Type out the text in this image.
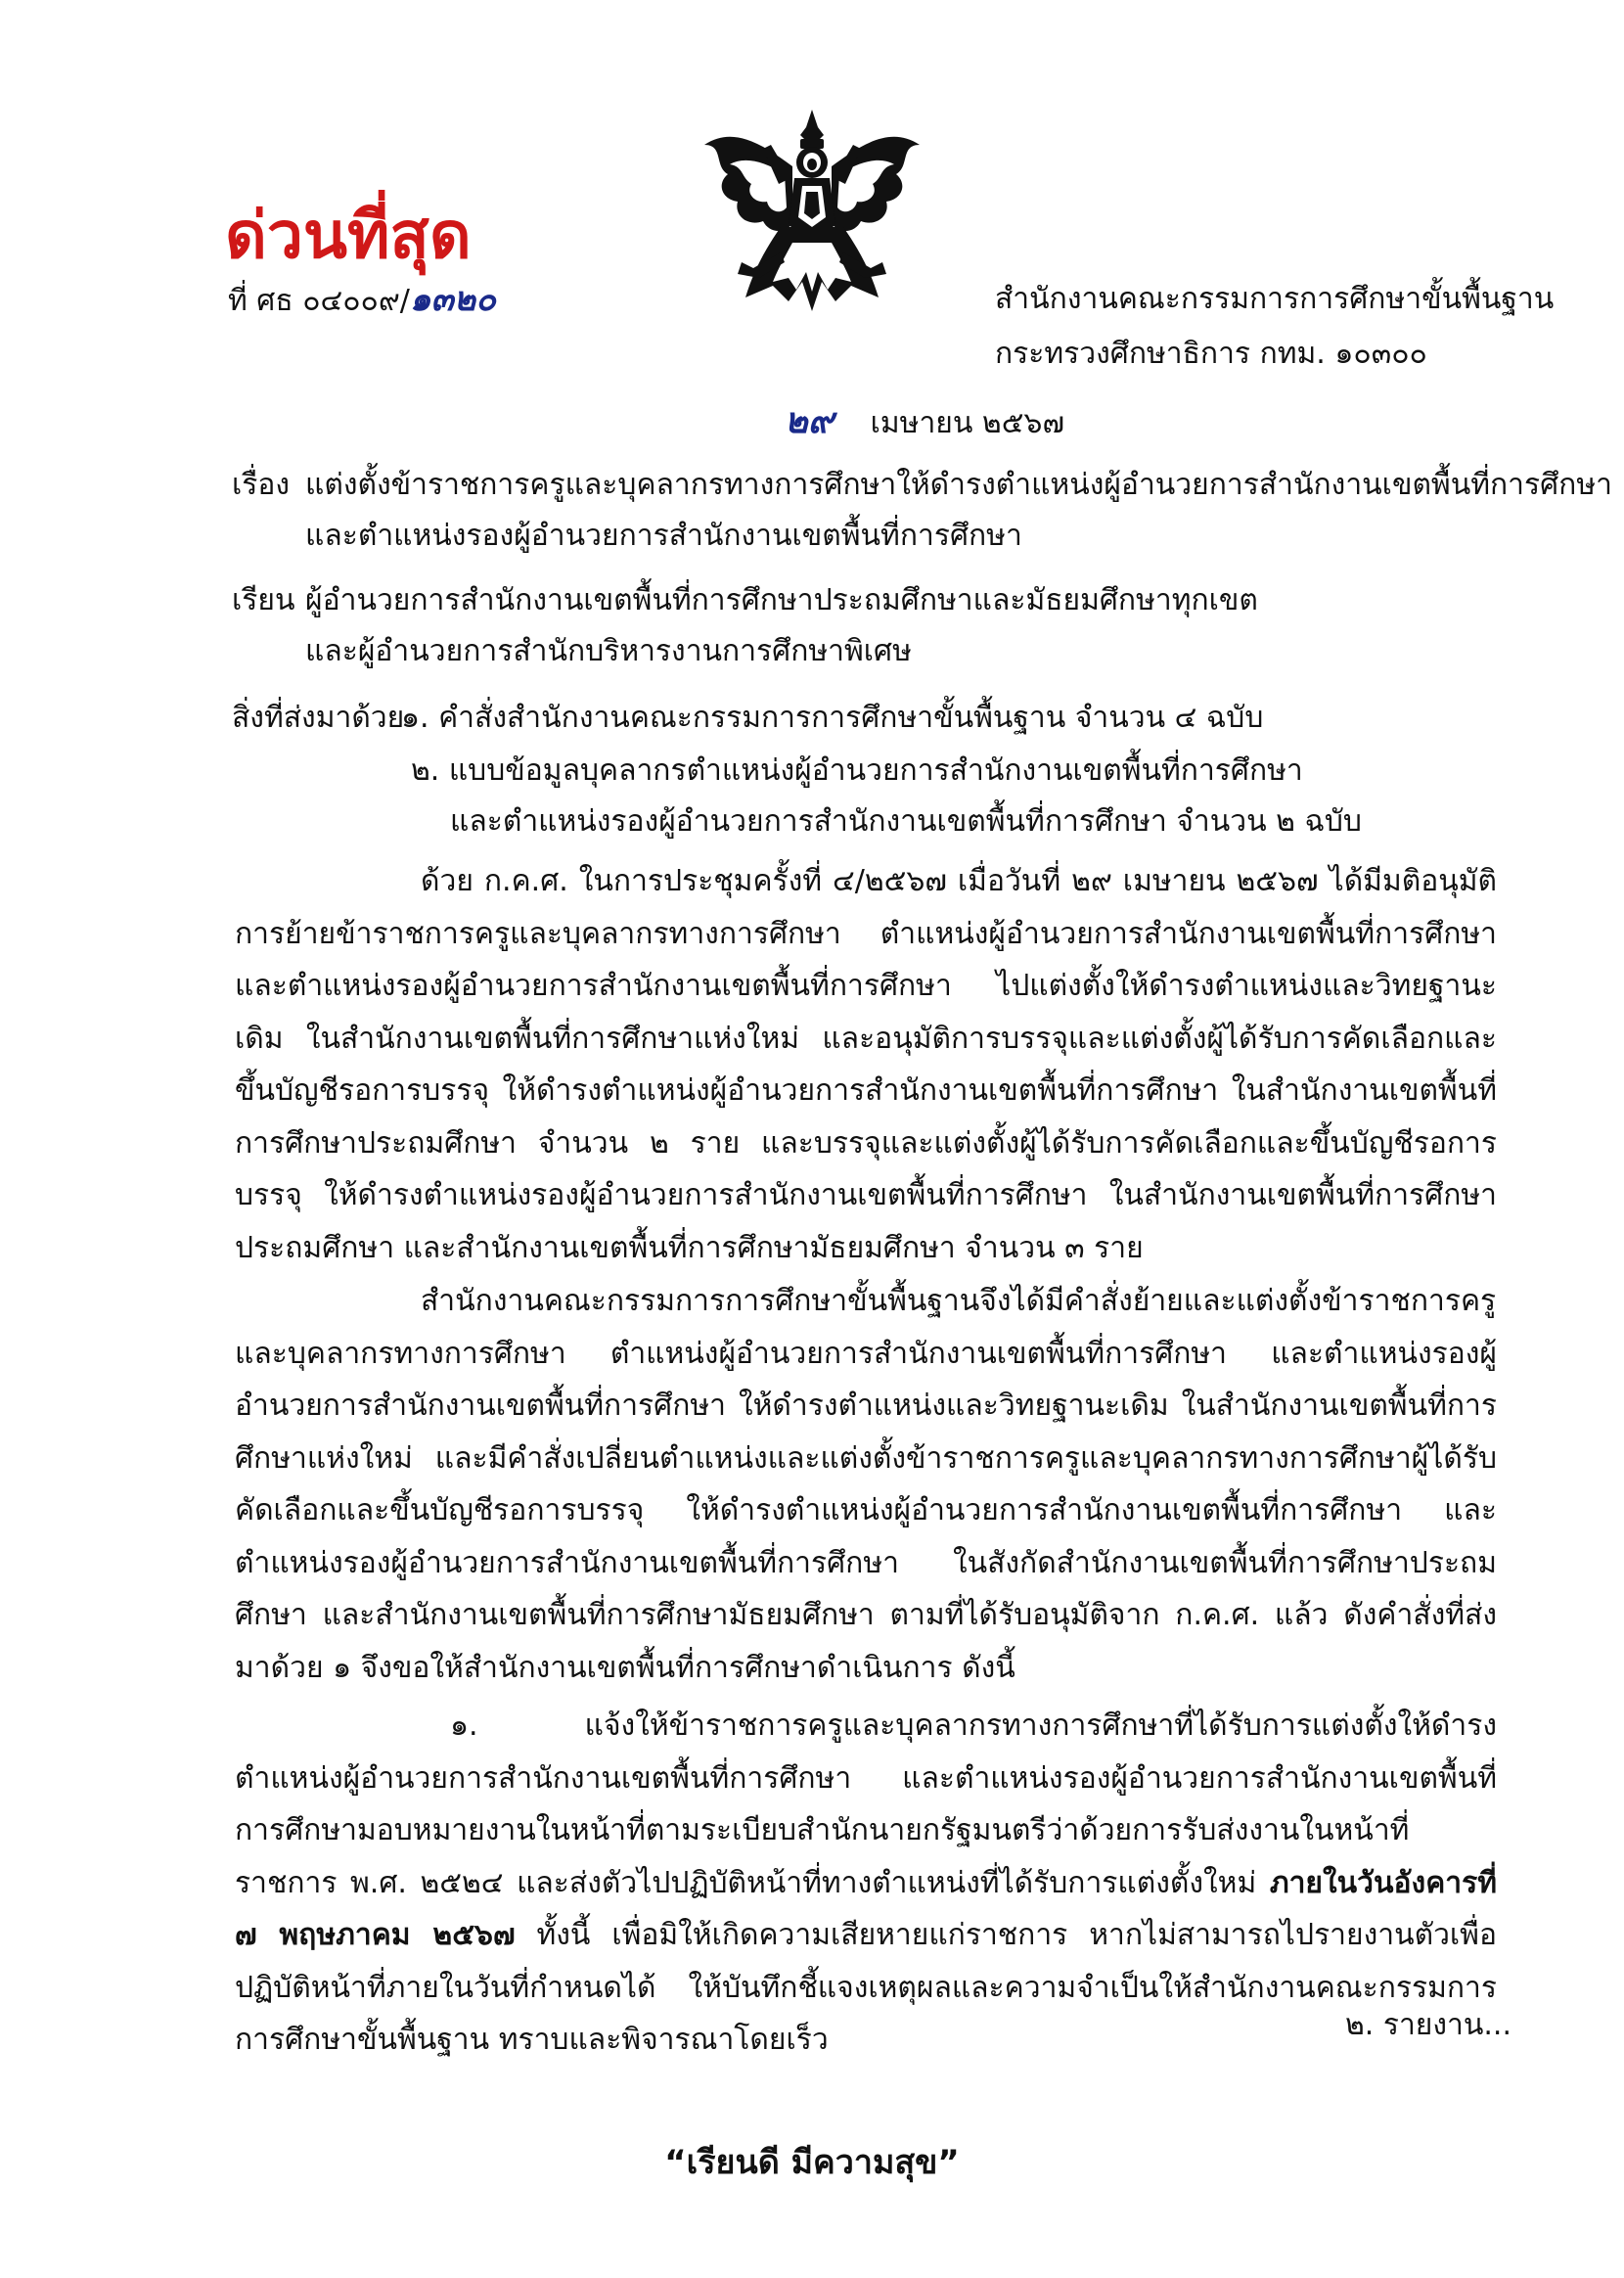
ด่วนที่สุด
ที่ ศธ ๐๔๐๐๙/๑๓๒๐	สำนักงานคณะกรรมการการศึกษาขั้นพื้นฐาน
กระทรวงศึกษาธิการ กทม. ๑๐๓๐๐
๒๙ เมษายน ๒๕๖๗
เรื่อง แต่งตั้งข้าราชการครูและบุคลากรทางการศึกษาให้ดำรงตำแหน่งผู้อำนวยการสำนักงานเขตพื้นที่การศึกษา
และตำแหน่งรองผู้อำนวยการสำนักงานเขตพื้นที่การศึกษา
เรียน ผู้อำนวยการสำนักงานเขตพื้นที่การศึกษาประถมศึกษาและมัธยมศึกษาทุกเขต
และผู้อำนวยการสำนักบริหารงานการศึกษาพิเศษ
สิ่งที่ส่งมาด้วย
๑. คำสั่งสำนักงานคณะกรรมการการศึกษาขั้นพื้นฐาน จำนวน ๔ ฉบับ
๒. แบบข้อมูลบุคลากรตำแหน่งผู้อำนวยการสำนักงานเขตพื้นที่การศึกษา
และตำแหน่งรองผู้อำนวยการสำนักงานเขตพื้นที่การศึกษา จำนวน ๒ ฉบับ
ด้วย ก.ค.ศ. ในการประชุมครั้งที่ ๔/๒๕๖๗ เมื่อวันที่ ๒๙ เมษายน ๒๕๖๗ ได้มีมติอนุมัติการย้ายข้าราชการครูและบุคลากรทางการศึกษา ตำแหน่งผู้อำนวยการสำนักงานเขตพื้นที่การศึกษา และตำแหน่งรองผู้อำนวยการสำนักงานเขตพื้นที่การศึกษา ไปแต่งตั้งให้ดำรงตำแหน่งและวิทยฐานะเดิม ในสำนักงานเขตพื้นที่การศึกษาแห่งใหม่ และอนุมัติการบรรจุและแต่งตั้งผู้ได้รับการคัดเลือกและขึ้นบัญชีรอการบรรจุ ให้ดำรงตำแหน่งผู้อำนวยการสำนักงานเขตพื้นที่การศึกษา ในสำนักงานเขตพื้นที่การศึกษาประถมศึกษา จำนวน ๒ ราย และบรรจุและแต่งตั้งผู้ได้รับการคัดเลือกและขึ้นบัญชีรอการบรรจุ ให้ดำรงตำแหน่งรองผู้อำนวยการสำนักงานเขตพื้นที่การศึกษา ในสำนักงานเขตพื้นที่การศึกษาประถมศึกษา และสำนักงานเขตพื้นที่การศึกษามัธยมศึกษา จำนวน ๓ ราย
สำนักงานคณะกรรมการการศึกษาขั้นพื้นฐานจึงได้มีคำสั่งย้ายและแต่งตั้งข้าราชการครูและบุคลากรทางการศึกษา ตำแหน่งผู้อำนวยการสำนักงานเขตพื้นที่การศึกษา และตำแหน่งรองผู้อำนวยการสำนักงานเขตพื้นที่การศึกษา ให้ดำรงตำแหน่งและวิทยฐานะเดิม ในสำนักงานเขตพื้นที่การศึกษาแห่งใหม่ และมีคำสั่งเปลี่ยนตำแหน่งและแต่งตั้งข้าราชการครูและบุคลากรทางการศึกษาผู้ได้รับคัดเลือกและขึ้นบัญชีรอการบรรจุ ให้ดำรงตำแหน่งผู้อำนวยการสำนักงานเขตพื้นที่การศึกษา และตำแหน่งรองผู้อำนวยการสำนักงานเขตพื้นที่การศึกษา ในสังกัดสำนักงานเขตพื้นที่การศึกษาประถมศึกษา และสำนักงานเขตพื้นที่การศึกษามัธยมศึกษา ตามที่ได้รับอนุมัติจาก ก.ค.ศ. แล้ว ดังคำสั่งที่ส่งมาด้วย ๑ จึงขอให้สำนักงานเขตพื้นที่การศึกษาดำเนินการ ดังนี้
๑. แจ้งให้ข้าราชการครูและบุคลากรทางการศึกษาที่ได้รับการแต่งตั้งให้ดำรงตำแหน่งผู้อำนวยการสำนักงานเขตพื้นที่การศึกษา และตำแหน่งรองผู้อำนวยการสำนักงานเขตพื้นที่การศึกษามอบหมายงานในหน้าที่ตามระเบียบสำนักนายกรัฐมนตรีว่าด้วยการรับส่งงานในหน้าที่ราชการ พ.ศ. ๒๕๒๔ และส่งตัวไปปฏิบัติหน้าที่ทางตำแหน่งที่ได้รับการแต่งตั้งใหม่ ภายในวันอังคารที่ ๗ พฤษภาคม ๒๕๖๗ ทั้งนี้ เพื่อมิให้เกิดความเสียหายแก่ราชการ หากไม่สามารถไปรายงานตัวเพื่อปฏิบัติหน้าที่ภายในวันที่กำหนดได้ ให้บันทึกชี้แจงเหตุผลและความจำเป็นให้สำนักงานคณะกรรมการการศึกษาขั้นพื้นฐาน ทราบและพิจารณาโดยเร็ว	๒. รายงาน...
“เรียนดี มีความสุข”
